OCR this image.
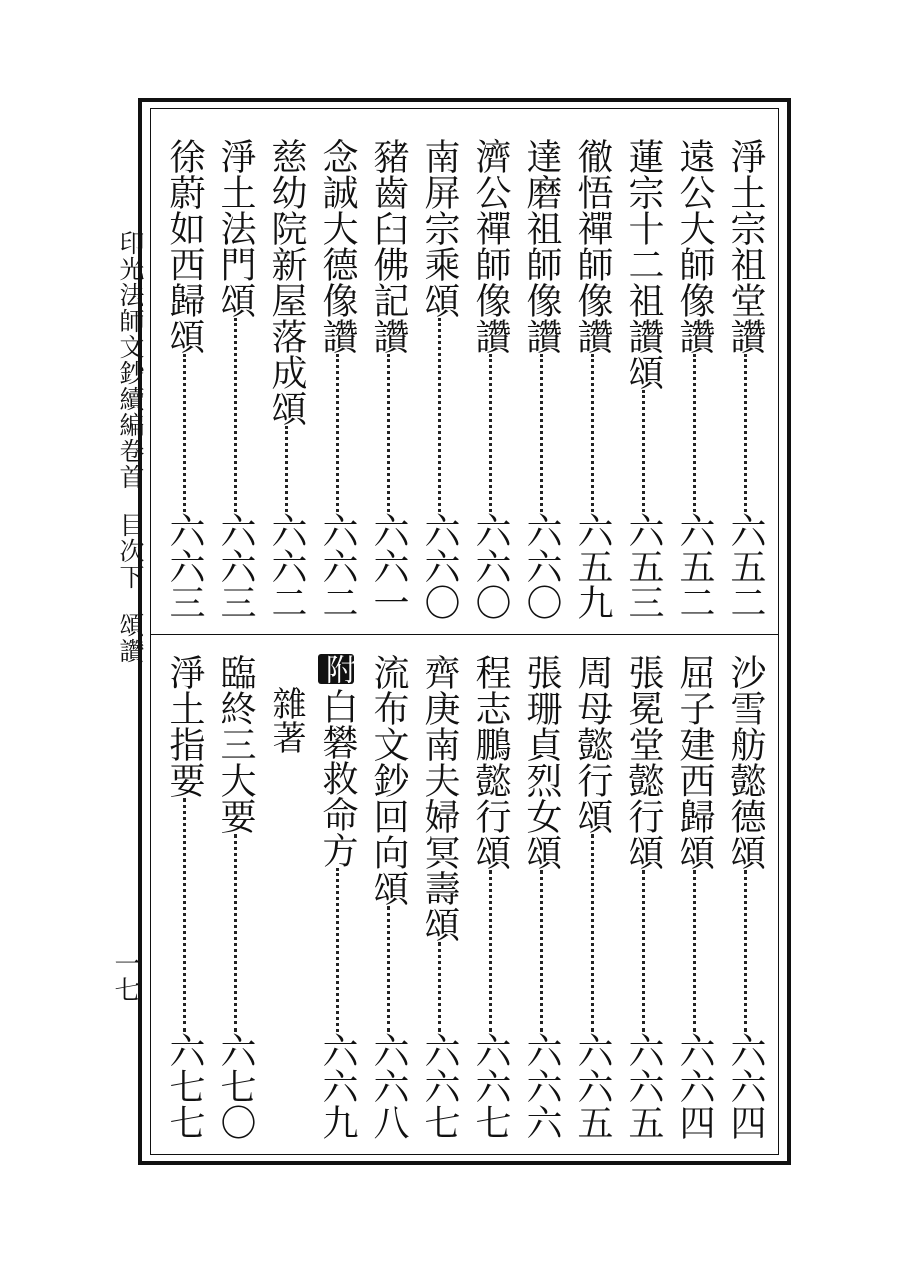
印光法師文鈔續編卷首目次下頌讚
一七
淨土宗祖堂讚
六五二
遠公大師像讚
六五二
蓮宗十二祖讚頌
六五三
徹悟禪師像讚
六五九
達磨祖師像讚
六六〇
濟公禪師像讚
六六〇
南屏宗乘頌
六六〇
豬齒臼佛記讚
六六一
念誠大德像讚
六六二
慈幼院新屋落成頌
六六二
淨土法門頌
六六三
徐蔚如西歸頌
六六三
沙雪舫懿德頌
六六四
屈子建西歸頌
六六四
張冕堂懿行頌
六六五
周母懿行頌
六六五
張珊貞烈女頌
六六六
程志鵬懿行頌
六六七
齊庚南夫婦冥壽頌
六六七
流布文鈔回向頌
六六八
附白礬救命方
六六九
雜著
臨終三大要
六七〇
淨土指要
六七七
